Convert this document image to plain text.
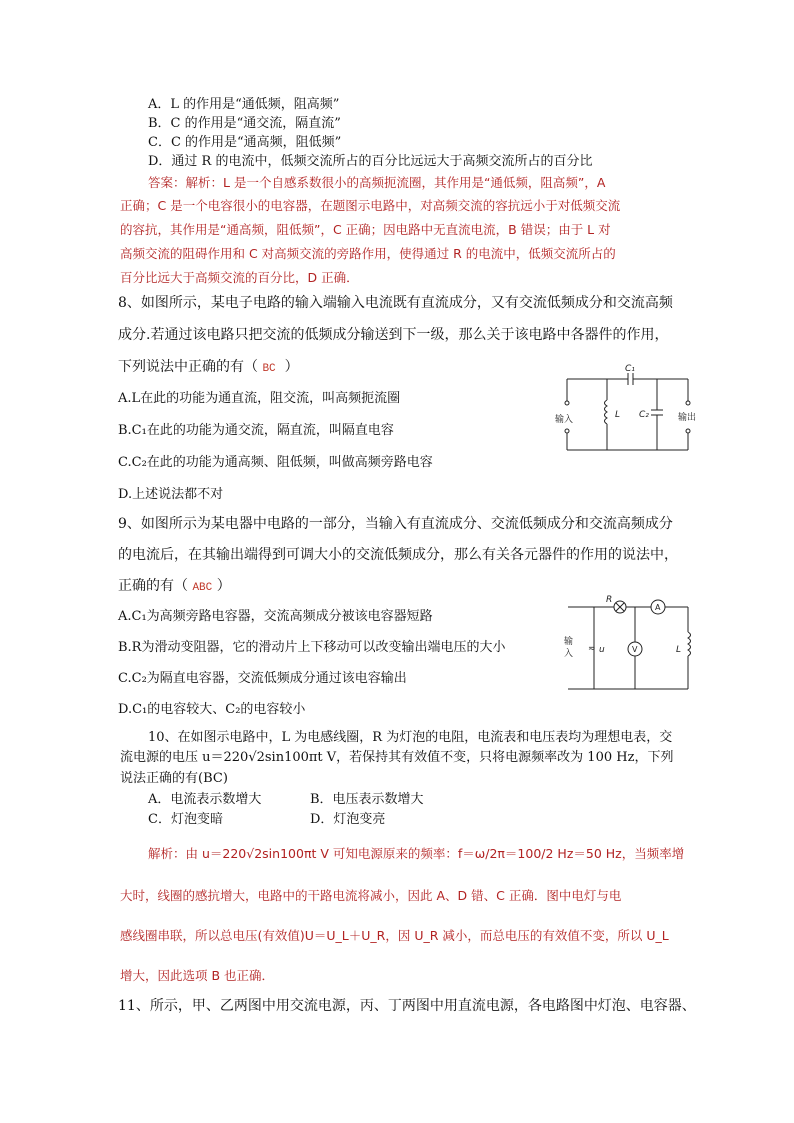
A．L 的作用是“通低频，阻高频”
B．C 的作用是“通交流，隔直流”
C．C 的作用是“通高频，阻低频”
D．通过 R 的电流中，低频交流所占的百分比远远大于高频交流所占的百分比
答案：解析：L 是一个自感系数很小的高频扼流圈，其作用是“通低频，阻高频”，A
正确；C 是一个电容很小的电容器，在题图示电路中，对高频交流的容抗远小于对低频交流
的容抗，其作用是“通高频，阻低频”，C 正确；因电路中无直流电流，B 错误；由于 L 对
高频交流的阻碍作用和 C 对高频交流的旁路作用，使得通过 R 的电流中，低频交流所占的
百分比远大于高频交流的百分比，D 正确．
8、如图所示，某电子电路的输入端输入电流既有直流成分，又有交流低频成分和交流高频
成分.若通过该电路只把交流的低频成分输送到下一级，那么关于该电路中各器件的作用，
下列说法中正确的有（ BC ）
A.L在此的功能为通直流，阻交流，叫高频扼流圈
B.C₁在此的功能为通交流，隔直流，叫隔直电容
C.C₂在此的功能为通高频、阻低频，叫做高频旁路电容
D.上述说法都不对
C₁
L C₂
输入	输出
9、如图所示为某电器中电路的一部分，当输入有直流成分、交流低频成分和交流高频成分
的电流后，在其输出端得到可调大小的交流低频成分，那么有关各元器件的作用的说法中，
正确的有（ ABC ）
A.C₁为高频旁路电容器，交流高频成分被该电容器短路
B.R为滑动变阻器，它的滑动片上下移动可以改变输出端电压的大小
C.C₂为隔直电容器，交流低频成分通过该电容输出
D.C₁的电容较大、C₂的电容较小
R
A
V	L
u
输
入 ≂
10、在如图示电路中，L 为电感线圈，R 为灯泡的电阻，电流表和电压表均为理想电表，交
流电源的电压 u＝220√2sin100πt V，若保持其有效值不变，只将电源频率改为 100 Hz，下列
说法正确的有(BC)
A．电流表示数增大	B．电压表示数增大
C．灯泡变暗	D．灯泡变亮
解析：由 u＝220√2sin100πt V 可知电源原来的频率：f＝ω/2π＝100/2 Hz＝50 Hz，当频率增
大时，线圈的感抗增大，电路中的干路电流将减小，因此 A、D 错、C 正确．图中电灯与电
感线圈串联，所以总电压(有效值)U＝U_L＋U_R，因 U_R 减小，而总电压的有效值不变，所以 U_L
增大，因此选项 B 也正确．
11、所示，甲、乙两图中用交流电源，丙、丁两图中用直流电源，各电路图中灯泡、电容器、
